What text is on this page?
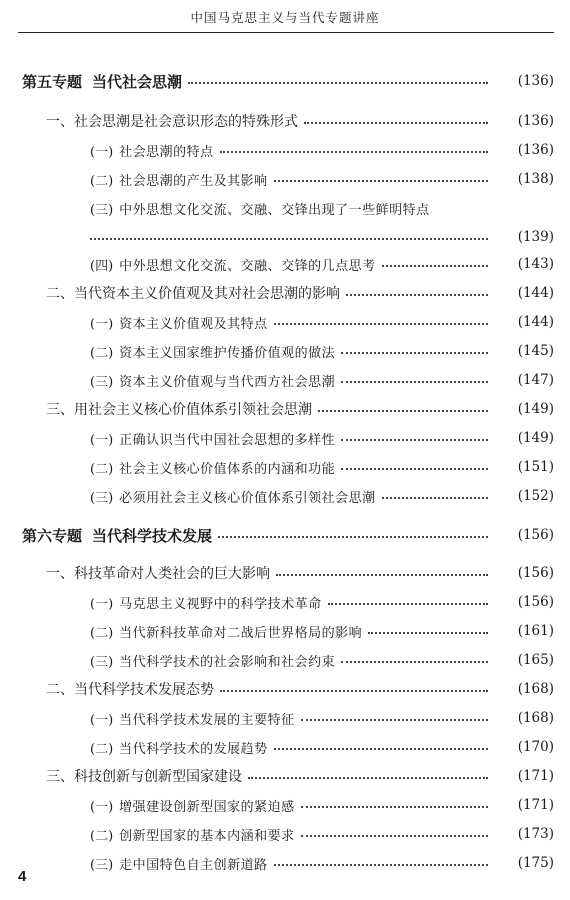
中国马克思主义与当代专题讲座
第五专题 当代社会思潮	(136)
一、 社会思潮是社会意识形态的特殊形式	(136)
(一) 社会思潮的特点	(136)
(二) 社会思潮的产生及其影响	(138)
(三) 中外思想文化交流、交融、交锋出现了一些鲜明特点
(139)
(四) 中外思想文化交流、交融、交锋的几点思考	(143)
二、 当代资本主义价值观及其对社会思潮的影响	(144)
(一) 资本主义价值观及其特点	(144)
(二) 资本主义国家维护传播价值观的做法	(145)
(三) 资本主义价值观与当代西方社会思潮	(147)
三、 用社会主义核心价值体系引领社会思潮	(149)
(一) 正确认识当代中国社会思想的多样性	(149)
(二) 社会主义核心价值体系的内涵和功能	(151)
(三) 必须用社会主义核心价值体系引领社会思潮	(152)
第六专题 当代科学技术发展	(156)
一、 科技革命对人类社会的巨大影响	(156)
(一) 马克思主义视野中的科学技术革命	(156)
(二) 当代新科技革命对二战后世界格局的影响	(161)
(三) 当代科学技术的社会影响和社会约束	(165)
二、 当代科学技术发展态势	(168)
(一) 当代科学技术发展的主要特征	(168)
(二) 当代科学技术的发展趋势	(170)
三、 科技创新与创新型国家建设	(171)
(一) 增强建设创新型国家的紧迫感	(171)
(二) 创新型国家的基本内涵和要求	(173)
(三) 走中国特色自主创新道路	(175)
4
